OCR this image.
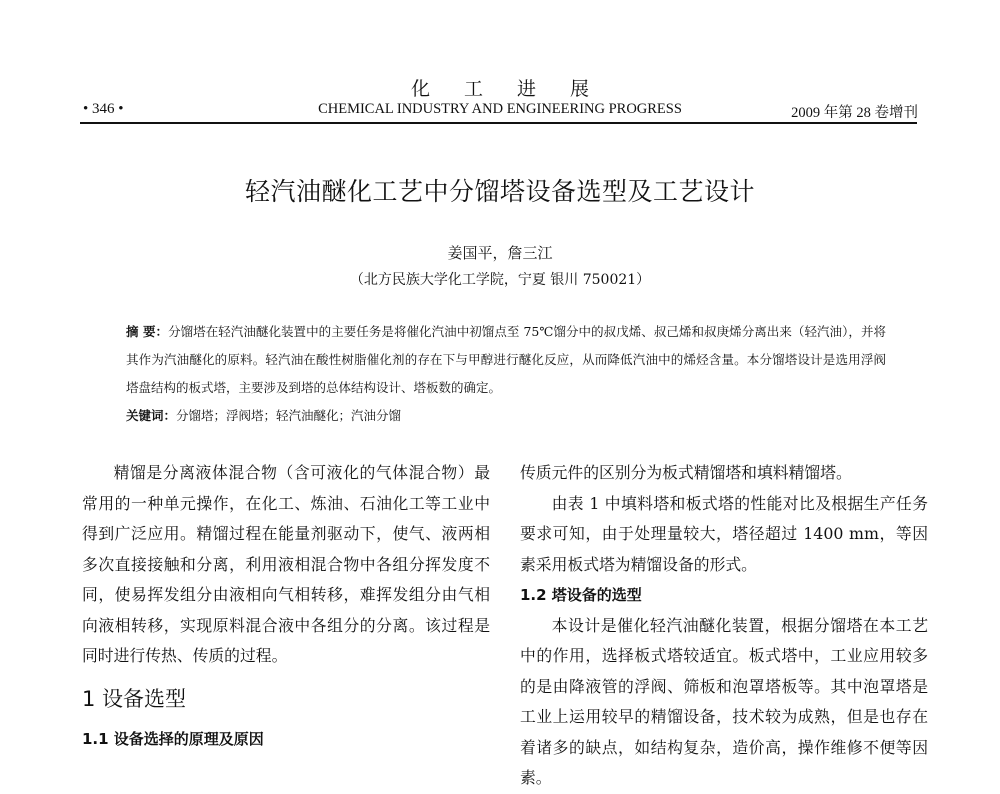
化工进展
• 346 •	CHEMICAL INDUSTRY AND ENGINEERING PROGRESS	2009 年第 28 卷增刊
轻汽油醚化工艺中分馏塔设备选型及工艺设计
姜国平，詹三江
（北方民族大学化工学院，宁夏 银川 750021）
摘 要：分馏塔在轻汽油醚化装置中的主要任务是将催化汽油中初馏点至 75℃馏分中的叔戊烯、叔己烯和叔庚烯分离出来（轻汽油），并将其作为汽油醚化的原料。轻汽油在酸性树脂催化剂的存在下与甲醇进行醚化反应，从而降低汽油中的烯烃含量。本分馏塔设计是选用浮阀塔盘结构的板式塔，主要涉及到塔的总体结构设计、塔板数的确定。
关键词：分馏塔；浮阀塔；轻汽油醚化；汽油分馏

精馏是分离液体混合物（含可液化的气体混合物）最常用的一种单元操作，在化工、炼油、石油化工等工业中得到广泛应用。精馏过程在能量剂驱动下，使气、液两相多次直接接触和分离，利用液相混合物中各组分挥发度不同，使易挥发组分由液相向气相转移，难挥发组分由气相向液相转移，实现原料混合液中各组分的分离。该过程是同时进行传热、传质的过程。

1 设备选型

1.1 设备选择的原理及原因

传质元件的区别分为板式精馏塔和填料精馏塔。

由表 1 中填料塔和板式塔的性能对比及根据生产任务要求可知，由于处理量较大，塔径超过 1400 mm，等因素采用板式塔为精馏设备的形式。

1.2 塔设备的选型

本设计是催化轻汽油醚化装置，根据分馏塔在本工艺中的作用，选择板式塔较适宜。板式塔中，工业应用较多的是由降液管的浮阀、筛板和泡罩塔板等。其中泡罩塔是工业上运用较早的精馏设备，技术较为成熟，但是也存在着诸多的缺点，如结构复杂，造价高，操作维修不便等因素。
